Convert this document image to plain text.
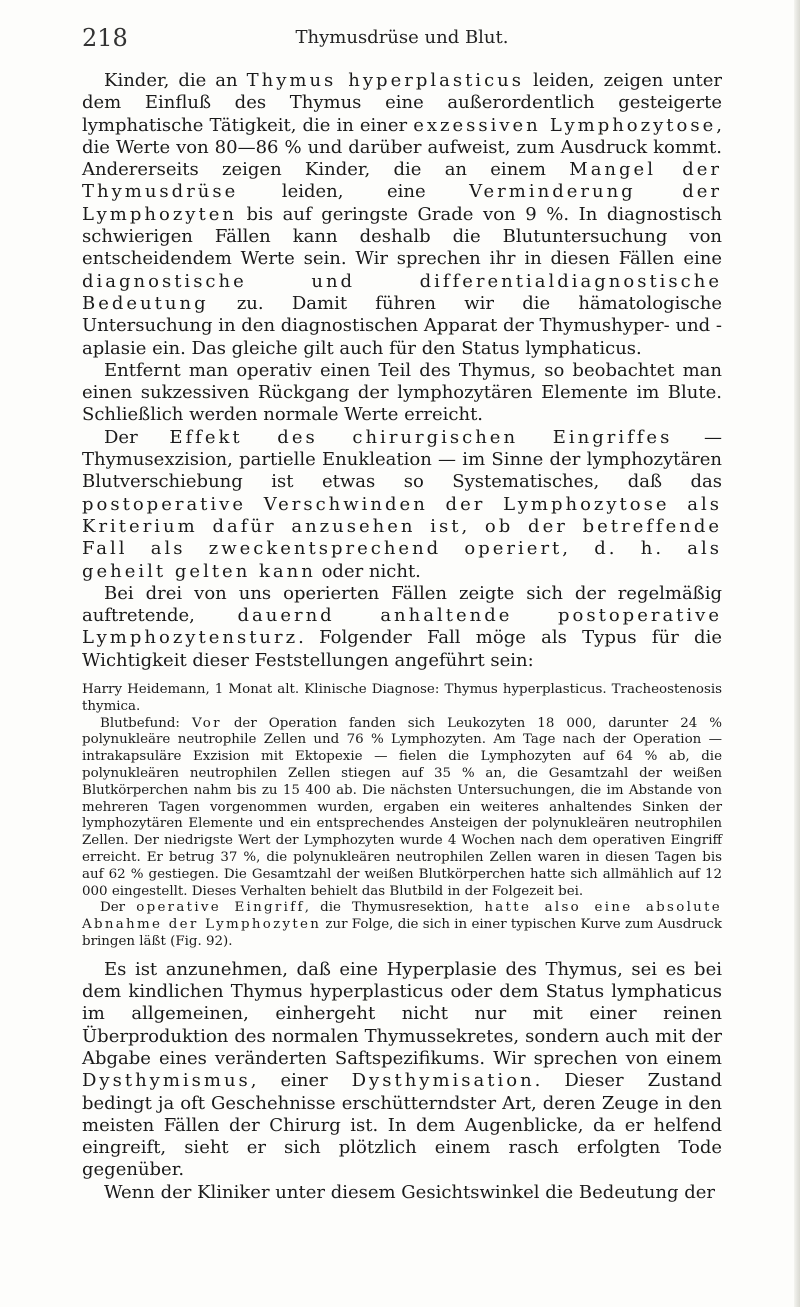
218	Thymusdrüse und Blut.

Kinder, die an Thymus hyperplasticus leiden, zeigen unter dem Einfluß des Thymus eine außerordentlich gesteigerte lymphatische Tätigkeit, die in einer exzessiven Lymphozytose, die Werte von 80—86 % und darüber aufweist, zum Ausdruck kommt. Andererseits zeigen Kinder, die an einem Mangel der Thymusdrüse leiden, eine Verminderung der Lymphozyten bis auf geringste Grade von 9 %. In diagnostisch schwierigen Fällen kann deshalb die Blutuntersuchung von entscheidendem Werte sein. Wir sprechen ihr in diesen Fällen eine diagnostische und differentialdiagnostische Bedeutung zu. Damit führen wir die hämatologische Untersuchung in den diagnostischen Apparat der Thymushyper- und -aplasie ein. Das gleiche gilt auch für den Status lymphaticus.

Entfernt man operativ einen Teil des Thymus, so beobachtet man einen sukzessiven Rückgang der lymphozytären Elemente im Blute. Schließlich werden normale Werte erreicht.

Der Effekt des chirurgischen Eingriffes — Thymusexzision, partielle Enukleation — im Sinne der lymphozytären Blutverschiebung ist etwas so Systematisches, daß das postoperative Verschwinden der Lymphozytose als Kriterium dafür anzusehen ist, ob der betreffende Fall als zweckentsprechend operiert, d. h. als geheilt gelten kann oder nicht.

Bei drei von uns operierten Fällen zeigte sich der regelmäßig auftretende, dauernd anhaltende postoperative Lymphozytensturz. Folgender Fall möge als Typus für die Wichtigkeit dieser Feststellungen angeführt sein:

Harry Heidemann, 1 Monat alt. Klinische Diagnose: Thymus hyperplasticus. Tracheostenosis thymica.

Blutbefund: Vor der Operation fanden sich Leukozyten 18 000, darunter 24 % polynukleäre neutrophile Zellen und 76 % Lymphozyten. Am Tage nach der Operation — intrakapsuläre Exzision mit Ektopexie — fielen die Lymphozyten auf 64 % ab, die polynukleären neutrophilen Zellen stiegen auf 35 % an, die Gesamtzahl der weißen Blutkörperchen nahm bis zu 15 400 ab. Die nächsten Untersuchungen, die im Abstande von mehreren Tagen vorgenommen wurden, ergaben ein weiteres anhaltendes Sinken der lymphozytären Elemente und ein entsprechendes Ansteigen der polynukleären neutrophilen Zellen. Der niedrigste Wert der Lymphozyten wurde 4 Wochen nach dem operativen Eingriff erreicht. Er betrug 37 %, die polynukleären neutrophilen Zellen waren in diesen Tagen bis auf 62 % gestiegen. Die Gesamtzahl der weißen Blutkörperchen hatte sich allmählich auf 12 000 eingestellt. Dieses Verhalten behielt das Blutbild in der Folgezeit bei.

Der operative Eingriff, die Thymusresektion, hatte also eine absolute Abnahme der Lymphozyten zur Folge, die sich in einer typischen Kurve zum Ausdruck bringen läßt (Fig. 92).

Es ist anzunehmen, daß eine Hyperplasie des Thymus, sei es bei dem kindlichen Thymus hyperplasticus oder dem Status lymphaticus im allgemeinen, einhergeht nicht nur mit einer reinen Überproduktion des normalen Thymussekretes, sondern auch mit der Abgabe eines veränderten Saftspezifikums. Wir sprechen von einem Dysthymismus, einer Dysthymisation. Dieser Zustand bedingt ja oft Geschehnisse erschütterndster Art, deren Zeuge in den meisten Fällen der Chirurg ist. In dem Augenblicke, da er helfend eingreift, sieht er sich plötzlich einem rasch erfolgten Tode gegenüber.

Wenn der Kliniker unter diesem Gesichtswinkel die Bedeutung der
